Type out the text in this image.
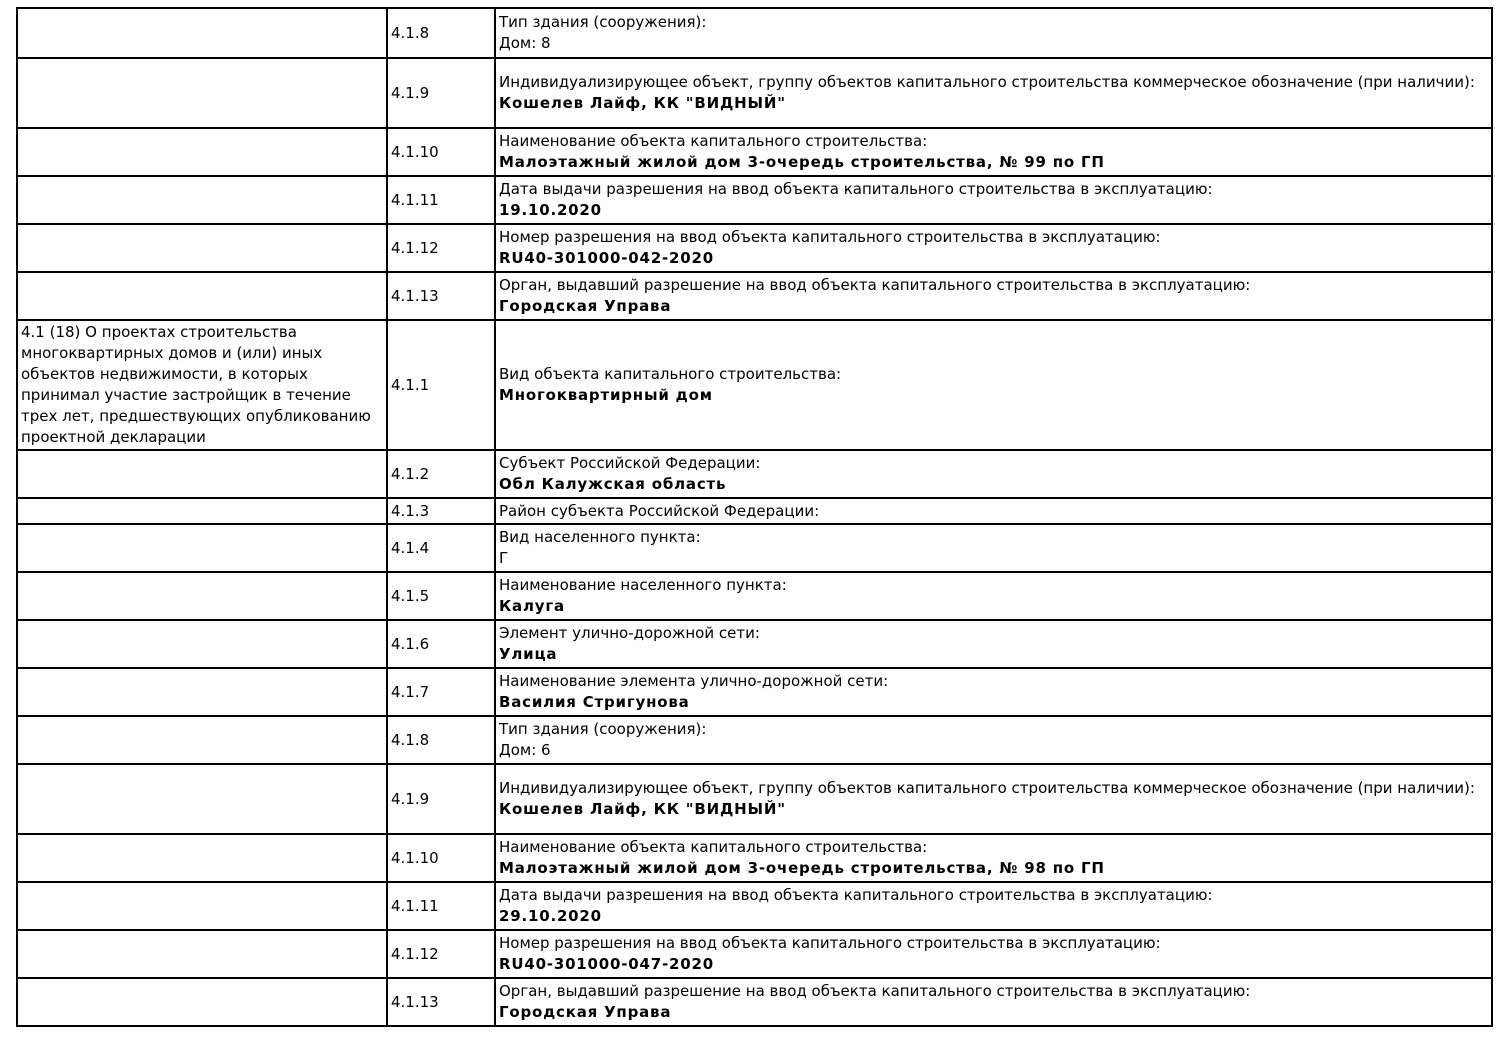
	4.1.8	Тип здания (сооружения):
Дом: 8

	4.1.9	Индивидуализирующее объект, группу объектов капитального строительства коммерческое обозначение (при наличии):
Кошелев Лайф, КК "ВИДНЫЙ"

	4.1.10	Наименование объекта капитального строительства:
Малоэтажный жилой дом 3-очередь строительства, № 99 по ГП

	4.1.11	Дата выдачи разрешения на ввод объекта капитального строительства в эксплуатацию:
19.10.2020

	4.1.12	Номер разрешения на ввод объекта капитального строительства в эксплуатацию:
RU40-301000-042-2020

	4.1.13	Орган, выдавший разрешение на ввод объекта капитального строительства в эксплуатацию:
Городская Управа

4.1 (18) О проектах строительства многоквартирных домов и (или) иных объектов недвижимости, в которых принимал участие застройщик в течение трех лет, предшествующих опубликованию проектной декларации	4.1.1	Вид объекта капитального строительства:
Многоквартирный дом

	4.1.2	Субъект Российской Федерации:
Обл Калужская область

	4.1.3	Район субъекта Российской Федерации:

	4.1.4	Вид населенного пункта:
Г

	4.1.5	Наименование населенного пункта:
Калуга

	4.1.6	Элемент улично-дорожной сети:
Улица

	4.1.7	Наименование элемента улично-дорожной сети:
Василия Стригунова

	4.1.8	Тип здания (сооружения):
Дом: 6

	4.1.9	Индивидуализирующее объект, группу объектов капитального строительства коммерческое обозначение (при наличии):
Кошелев Лайф, КК "ВИДНЫЙ"

	4.1.10	Наименование объекта капитального строительства:
Малоэтажный жилой дом 3-очередь строительства, № 98 по ГП

	4.1.11	Дата выдачи разрешения на ввод объекта капитального строительства в эксплуатацию:
29.10.2020

	4.1.12	Номер разрешения на ввод объекта капитального строительства в эксплуатацию:
RU40-301000-047-2020

	4.1.13	Орган, выдавший разрешение на ввод объекта капитального строительства в эксплуатацию:
Городская Управа
